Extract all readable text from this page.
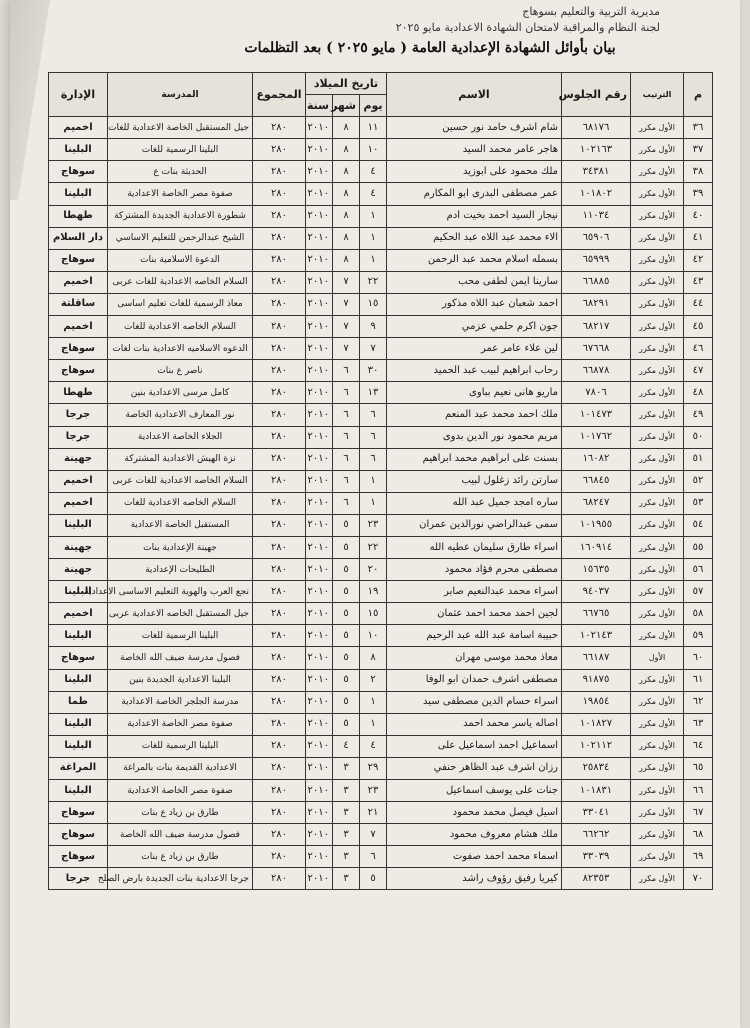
مديرية التربية والتعليم بسوهاج
لجنة النظام والمراقبة لامتحان الشهادة الاعدادية مايو ٢٠٢٥
بيان بأوائل الشهادة الإعدادية العامة ( مايو ٢٠٢٥ ) بعد التظلمات
م	الترتيب	رقم الجلوس	الاسم	تاريخ الميلاد			المجموع	المدرسة	الإدارة
				يوم	شهر	سنة			
٣٦	الأول مكرر	٦٨١٧٦	شام اشرف حامد نور حسين	١١	٨	٢٠١٠	٢٨٠	جيل المستقبل الخاصة الاعدادية للغات	اخميم
٣٧	الأول مكرر	١٠٢١٦٣	هاجر عامر محمد السيد	١٠	٨	٢٠١٠	٢٨٠	البلينا الرسمية للغات	البلينا
٣٨	الأول مكرر	٣٤٣٨١	ملك محمود على ابوزيد	٤	٨	٢٠١٠	٢٨٠	الحديثة بنات ع	سوهاج
٣٩	الأول مكرر	١٠١٨٠٢	عمر مصطفى البدرى ابو المكارم	٤	٨	٢٠١٠	٢٨٠	صفوة مصر الخاصة الاعدادية	البلينا
٤٠	الأول مكرر	١١٠٣٤	نيجار السيد احمد بخيت ادم	١	٨	٢٠١٠	٢٨٠	شطورة الاعدادية الجديدة المشتركة	طهطا
٤١	الأول مكرر	٦٥٩٠٦	الاء محمد عبد اللاه عبد الحكيم	١	٨	٢٠١٠	٢٨٠	الشيخ عبدالرحمن للتعليم الاساسي	دار السلام
٤٢	الأول مكرر	٦٥٩٩٩	بسمله اسلام محمد عبد الرحمن	١	٨	٢٠١٠	٢٨٠	الدعوة الاسلامية بنات	سوهاج
٤٣	الأول مكرر	٦٦٨٨٥	سارينا ايمن لطفى محب	٢٢	٧	٢٠١٠	٢٨٠	السلام الخاصه الاعدادية للغات عربى	اخميم
٤٤	الأول مكرر	٦٨٢٩١	احمد شعبان عبد اللاه مذكور	١٥	٧	٢٠١٠	٢٨٠	معاذ الرسمية للغات تعليم اساسى	ساقلتة
٤٥	الأول مكرر	٦٨٢١٧	جون اكرم حلمي عزمي	٩	٧	٢٠١٠	٢٨٠	السلام الخاصه الاعدادية للغات	اخميم
٤٦	الأول مكرر	٦٧٦٦٨	لين علاء عامر عمر	٧	٧	٢٠١٠	٢٨٠	الدعوه الاسلاميه الاعدادية بنات لغات	سوهاج
٤٧	الأول مكرر	٦٦٨٧٨	رحاب ابراهيم لبيب عبد الحميد	٣٠	٦	٢٠١٠	٢٨٠	ناصر ع بنات	سوهاج
٤٨	الأول مكرر	٧٨٠٦	ماريو هانى نعيم بباوى	١٣	٦	٢٠١٠	٢٨٠	كامل مرسى الاعدادية بنين	طهطا
٤٩	الأول مكرر	١٠١٤٧٣	ملك احمد محمد عبد المنعم	٦	٦	٢٠١٠	٢٨٠	نور المعارف الاعدادية الخاصة	جرجا
٥٠	الأول مكرر	١٠١٧٦٢	مريم محمود نور الدين بدوى	٦	٦	٢٠١٠	٢٨٠	الجلاء الخاصة الاعدادية	جرجا
٥١	الأول مكرر	١٦٠٨٢	بسنت على ابراهيم محمد ابراهيم	٦	٦	٢٠١٠	٢٨٠	نزة الهيش الاعدادية المشتركة	جهينة
٥٢	الأول مكرر	٦٦٨٤٥	سارتن رائد زغلول لبيب	١	٦	٢٠١٠	٢٨٠	السلام الخاصه الاعدادية للغات عربى	اخميم
٥٣	الأول مكرر	٦٨٢٤٧	ساره امجد جميل عبد الله	١	٦	٢٠١٠	٢٨٠	السلام الخاصه الاعدادية للغات	اخميم
٥٤	الأول مكرر	١٠١٩٥٥	سمى عبدالراضي نورالدين عمران	٢٣	٥	٢٠١٠	٢٨٠	المستقبل الخاصة الاعدادية	البلينا
٥٥	الأول مكرر	١٦٠٩١٤	اسراء طارق سليمان عطيه الله	٢٢	٥	٢٠١٠	٢٨٠	جهينة الإعدادية بنات	جهينة
٥٦	الأول مكرر	١٥٦٣٥	مصطفى محرم فؤاد محمود	٢٠	٥	٢٠١٠	٢٨٠	الطليحات الإعدادية	جهينة
٥٧	الأول مكرر	٩٤٠٣٧	اسراء محمد عبدالنعيم صابر	١٩	٥	٢٠١٠	٢٨٠	نجع العرب والهوية التعليم الاساسى الاعدادية	البلينا
٥٨	الأول مكرر	٦٦٧٦٥	لجين احمد محمد احمد عثمان	١٥	٥	٢٠١٠	٢٨٠	جيل المستقبل الخاصه الاعدادية عربى	اخميم
٥٩	الأول مكرر	١٠٢١٤٣	حبيبة اسامة عبد الله عبد الرحيم	١٠	٥	٢٠١٠	٢٨٠	البلينا الرسمية للغات	البلينا
٦٠	الأول	٦٦١٨٧	معاذ محمد موسى مهران	٨	٥	٢٠١٠	٢٨٠	فصول مدرسة ضيف الله الخاصة	سوهاج
٦١	الأول مكرر	٩١٨٧٥	مصطفى اشرف حمدان ابو الوفا	٢	٥	٢٠١٠	٢٨٠	البلينا الاعدادية الجديدة بنين	البلينا
٦٢	الأول مكرر	١٩٨٥٤	اسراء حسام الدين مصطفى سيد	١	٥	٢٠١٠	٢٨٠	مدرسة الجلجر الخاصة الاعدادية	طما
٦٣	الأول مكرر	١٠١٨٢٧	اصاله ياسر محمد احمد	١	٥	٢٠١٠	٢٨٠	صفوة مصر الخاصة الاعدادية	البلينا
٦٤	الأول مكرر	١٠٢١١٢	اسماعيل احمد اسماعيل على	٤	٤	٢٠١٠	٢٨٠	البلينا الرسمية للغات	البلينا
٦٥	الأول مكرر	٢٥٨٣٤	رزان اشرف عبد الظاهر حنفي	٢٩	٣	٢٠١٠	٢٨٠	الاعدادية القديمة بنات بالمراغة	المراغة
٦٦	الأول مكرر	١٠١٨٣١	جنات على يوسف اسماعيل	٢٣	٣	٢٠١٠	٢٨٠	صفوة مصر الخاصة الاعدادية	البلينا
٦٧	الأول مكرر	٣٣٠٤١	اسيل فيصل محمد محمود	٢١	٣	٢٠١٠	٢٨٠	طارق بن زياد ع بنات	سوهاج
٦٨	الأول مكرر	٦٦٢٦٢	ملك هشام معروف محمود	٧	٣	٢٠١٠	٢٨٠	فصول مدرسة ضيف الله الخاصة	سوهاج
٦٩	الأول مكرر	٣٣٠٣٩	اسماء محمد احمد صفوت	٦	٣	٢٠١٠	٢٨٠	طارق بن زياد ع بنات	سوهاج
٧٠	الأول مكرر	٨٢٣٥٣	كيريا رفيق رؤوف راشد	٥	٣	٢٠١٠	٢٨٠	جرجا الاعدادية بنات الجديدة بارض الصلح	جرجا
